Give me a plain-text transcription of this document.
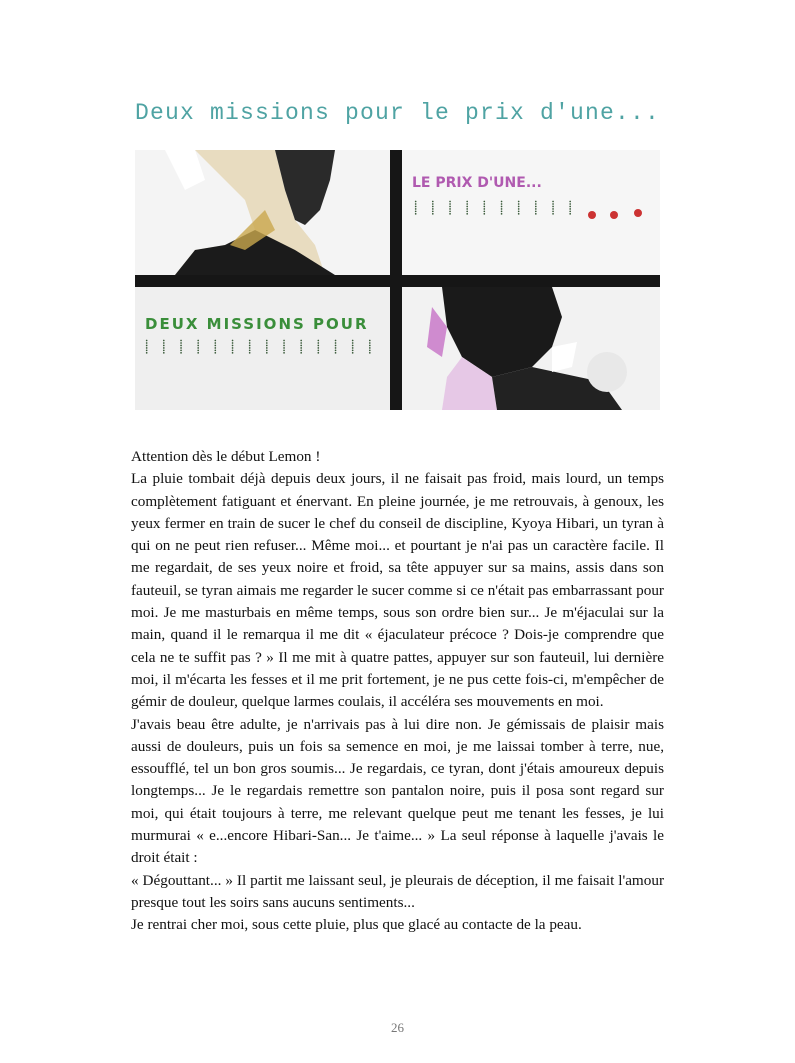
Deux missions pour le prix d'une...
LE PRIX D'UNE...
⸽ ⸽ ⸽ ⸽ ⸽ ⸽ ⸽ ⸽ ⸽ ⸽
DEUX MISSIONS POUR
⸽ ⸽ ⸽ ⸽ ⸽ ⸽ ⸽ ⸽ ⸽ ⸽ ⸽ ⸽ ⸽ ⸽

Attention dès le début Lemon !

La pluie tombait déjà depuis deux jours, il ne faisait pas froid, mais lourd, un temps complètement fatiguant et énervant. En pleine journée, je me retrouvais, à genoux, les yeux fermer en train de sucer le chef du conseil de discipline, Kyoya Hibari, un tyran à qui on ne peut rien refuser... Même moi... et pourtant je n'ai pas un caractère facile. Il me regardait, de ses yeux noire et froid, sa tête appuyer sur sa mains, assis dans son fauteuil, se tyran aimais me regarder le sucer comme si ce n'était pas embarrassant pour moi. Je me masturbais en même temps, sous son ordre bien sur... Je m'éjaculai sur la main, quand il le remarqua il me dit « éjaculateur précoce ? Dois-je comprendre que cela ne te suffit pas ? » Il me mit à quatre pattes, appuyer sur son fauteuil, lui dernière moi, il m'écarta les fesses et il me prit fortement, je ne pus cette fois-ci, m'empêcher de gémir de douleur, quelque larmes coulais, il accéléra ses mouvements en moi.

J'avais beau être adulte, je n'arrivais pas à lui dire non. Je gémissais de plaisir mais aussi de douleurs, puis un fois sa semence en moi, je me laissai tomber à terre, nue, essoufflé, tel un bon gros soumis... Je regardais, ce tyran, dont j'étais amoureux depuis longtemps... Je le regardais remettre son pantalon noire, puis il posa sont regard sur moi, qui était toujours à terre, me relevant quelque peut me tenant les fesses, je lui murmurai « e...encore Hibari-San... Je t'aime... » La seul réponse à laquelle j'avais le droit était :

« Dégouttant... » Il partit me laissant seul, je pleurais de déception, il me faisait l'amour presque tout les soirs sans aucuns sentiments...

Je rentrai cher moi, sous cette pluie, plus que glacé au contacte de la peau.

26
